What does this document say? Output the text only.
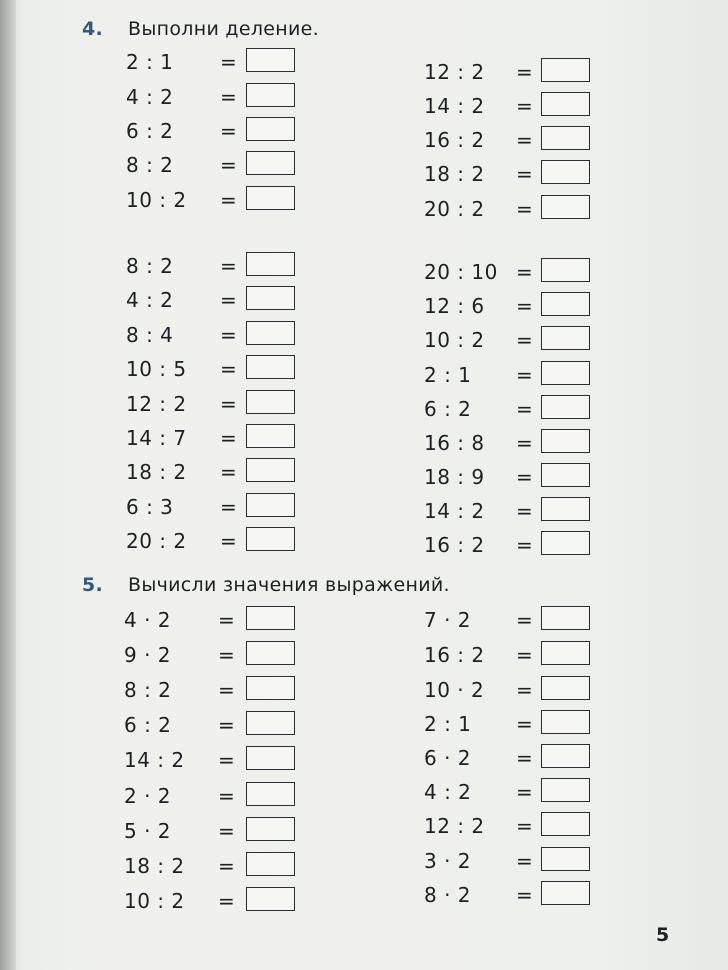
4.	Выполни деление.
2 : 1 =
4 : 2 =
6 : 2 =
8 : 2 =
10 : 2 =
12 : 2 =
14 : 2 =
16 : 2 =
18 : 2 =
20 : 2 =
8 : 2 =
4 : 2 =
8 : 4 =
10 : 5 =
12 : 2 =
14 : 7 =
18 : 2 =
6 : 3 =
20 : 2 =
20 : 10 =
12 : 6 =
10 : 2 =
2 : 1 =
6 : 2 =
16 : 8 =
18 : 9 =
14 : 2 =
16 : 2 =
5.	Вычисли значения выражений.
4 · 2 =
9 · 2 =
8 : 2 =
6 : 2 =
14 : 2 =
2 · 2 =
5 · 2 =
18 : 2 =
10 : 2 =
7 · 2 =
16 : 2 =
10 · 2 =
2 : 1 =
6 · 2 =
4 : 2 =
12 : 2 =
3 · 2 =
8 · 2 =
5
